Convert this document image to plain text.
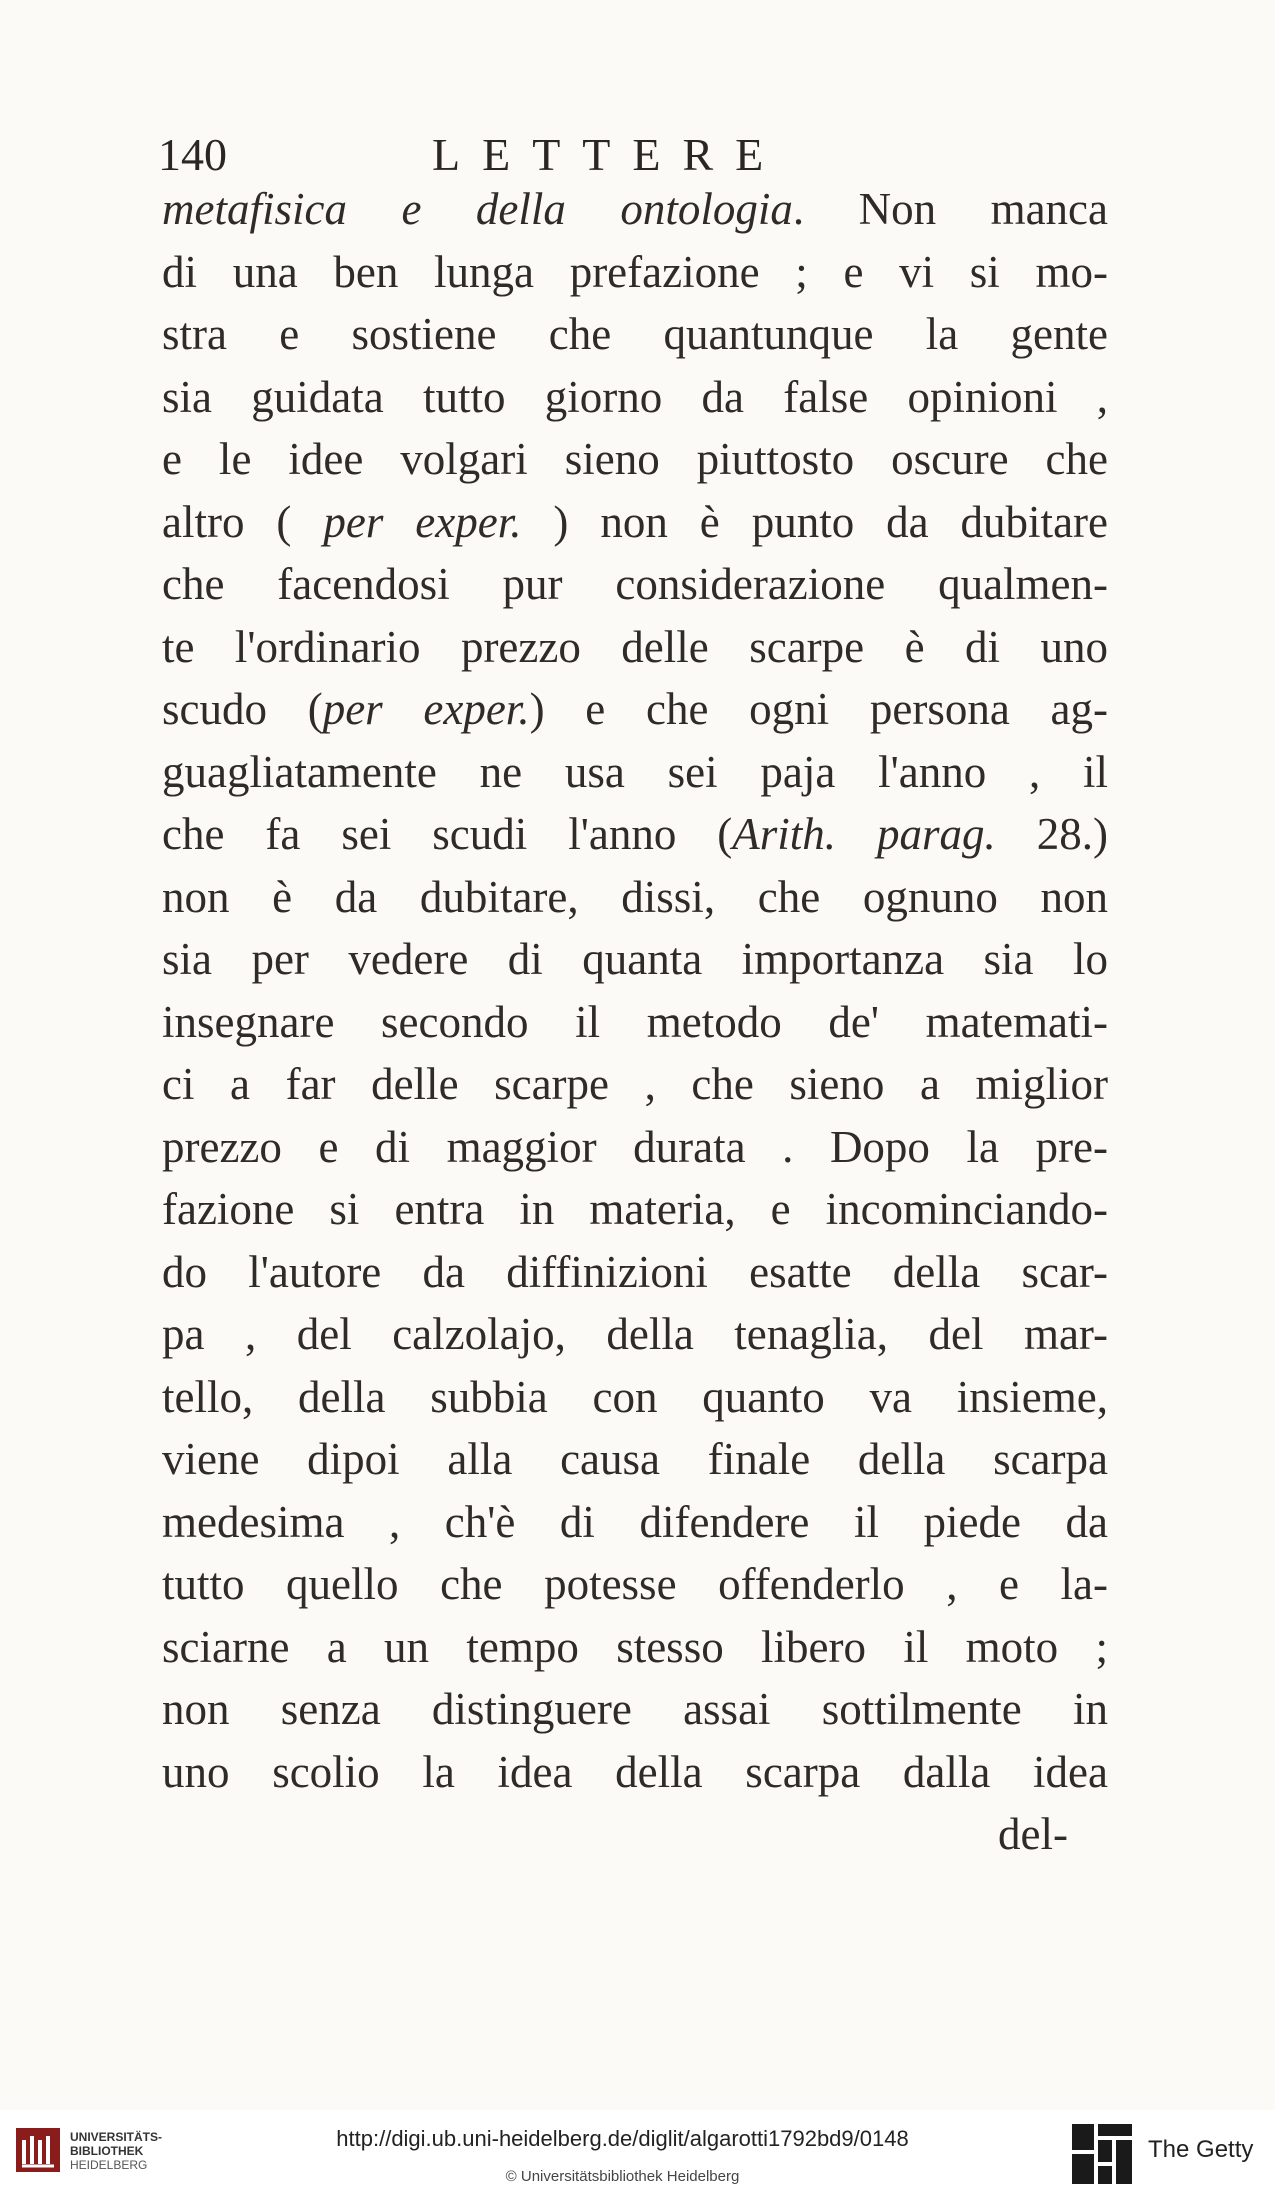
140	LETTERE
metafisica e della ontologia. Non manca
di una ben lunga prefazione ; e vi si mo-
stra e sostiene che quantunque la gente
sia guidata tutto giorno da false opinioni ,
e le idee volgari sieno piuttosto oscure che
altro ( per exper. ) non è punto da dubitare
che facendosi pur considerazione qualmen-
te l'ordinario prezzo delle scarpe è di uno
scudo (per exper.) e che ogni persona ag-
guagliatamente ne usa sei paja l'anno , il
che fa sei scudi l'anno (Arith. parag. 28.)
non è da dubitare, dissi, che ognuno non
sia per vedere di quanta importanza sia lo
insegnare secondo il metodo de' matemati-
ci a far delle scarpe , che sieno a miglior
prezzo e di maggior durata . Dopo la pre-
fazione si entra in materia, e incominciando-
do l'autore da diffinizioni esatte della scar-
pa , del calzolajo, della tenaglia, del mar-
tello, della subbia con quanto va insieme,
viene dipoi alla causa finale della scarpa
medesima , ch'è di difendere il piede da
tutto quello che potesse offenderlo , e la-
sciarne a un tempo stesso libero il moto ;
non senza distinguere assai sottilmente in
uno scolio la idea della scarpa dalla idea
del-
UNIVERSITÄTS-
BIBLIOTHEK
HEIDELBERG
http://digi.ub.uni-heidelberg.de/diglit/algarotti1792bd9/0148
© Universitätsbibliothek Heidelberg
The Getty
